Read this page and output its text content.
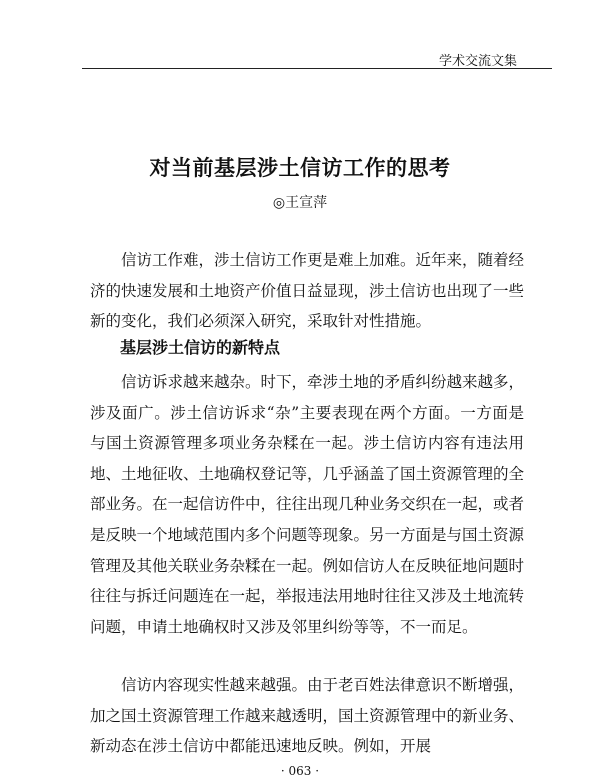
学术交流文集
对当前基层涉土信访工作的思考
◎王宣萍

信访工作难，涉土信访工作更是难上加难。近年来，随着经济的快速发展和土地资产价值日益显现，涉土信访也出现了一些新的变化，我们必须深入研究，采取针对性措施。

基层涉土信访的新特点

信访诉求越来越杂。时下，牵涉土地的矛盾纠纷越来越多，涉及面广。涉土信访诉求“杂”主要表现在两个方面。一方面是与国土资源管理多项业务杂糅在一起。涉土信访内容有违法用地、土地征收、土地确权登记等，几乎涵盖了国土资源管理的全部业务。在一起信访件中，往往出现几种业务交织在一起，或者是反映一个地域范围内多个问题等现象。另一方面是与国土资源管理及其他关联业务杂糅在一起。例如信访人在反映征地问题时往往与拆迁问题连在一起，举报违法用地时往往又涉及土地流转问题，申请土地确权时又涉及邻里纠纷等等，不一而足。

信访内容现实性越来越强。由于老百姓法律意识不断增强，加之国土资源管理工作越来越透明，国土资源管理中的新业务、新动态在涉土信访中都能迅速地反映。例如，开展

· 063 ·
